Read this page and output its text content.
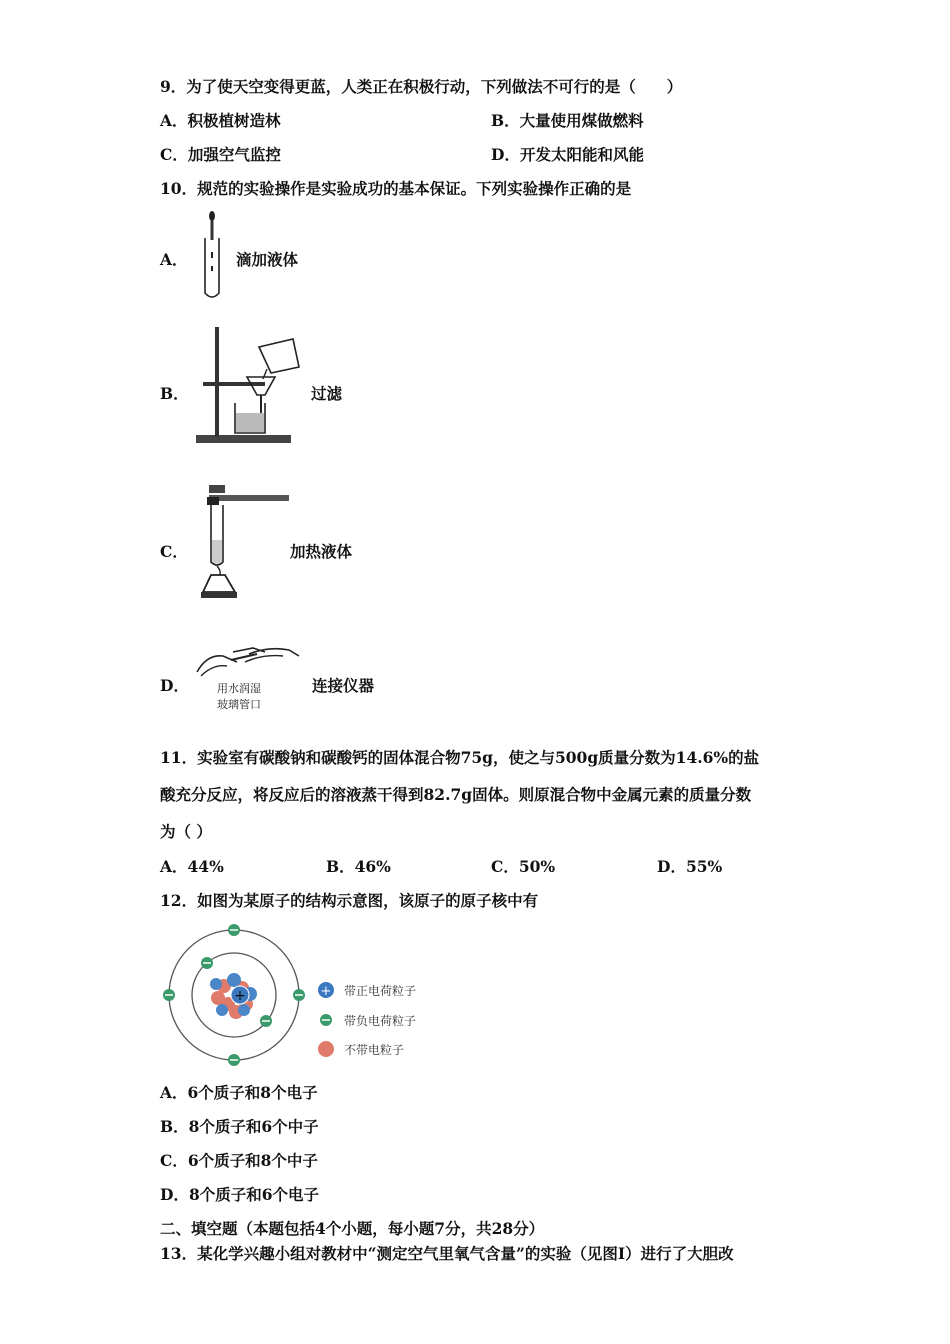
9．为了使天空变得更蓝，人类正在积极行动，下列做法不可行的是（　　）
A．积极植树造林	B．大量使用煤做燃料
C．加强空气监控	D．开发太阳能和风能
10．规范的实验操作是实验成功的基本保证。下列实验操作正确的是
A．	滴加液体
B．	过滤
C．	加热液体
D．	用水润湿
玻璃管口
连接仪器
11．实验室有碳酸钠和碳酸钙的固体混合物75g，使之与500g质量分数为14.6%的盐
酸充分反应，将反应后的溶液蒸干得到82.7g固体。则原混合物中金属元素的质量分数
为（ ）
A．44%	B．46%	C．50%	D．55%
12．如图为某原子的结构示意图，该原子的原子核中有
+	+ 带正电荷粒子
带负电荷粒子
不带电粒子
A．6个质子和8个电子
B．8个质子和6个中子
C．6个质子和8个中子
D．8个质子和6个电子
二、填空题（本题包括4个小题，每小题7分，共28分）
13．某化学兴趣小组对教材中“测定空气里氧气含量”的实验（见图I）进行了大胆改
